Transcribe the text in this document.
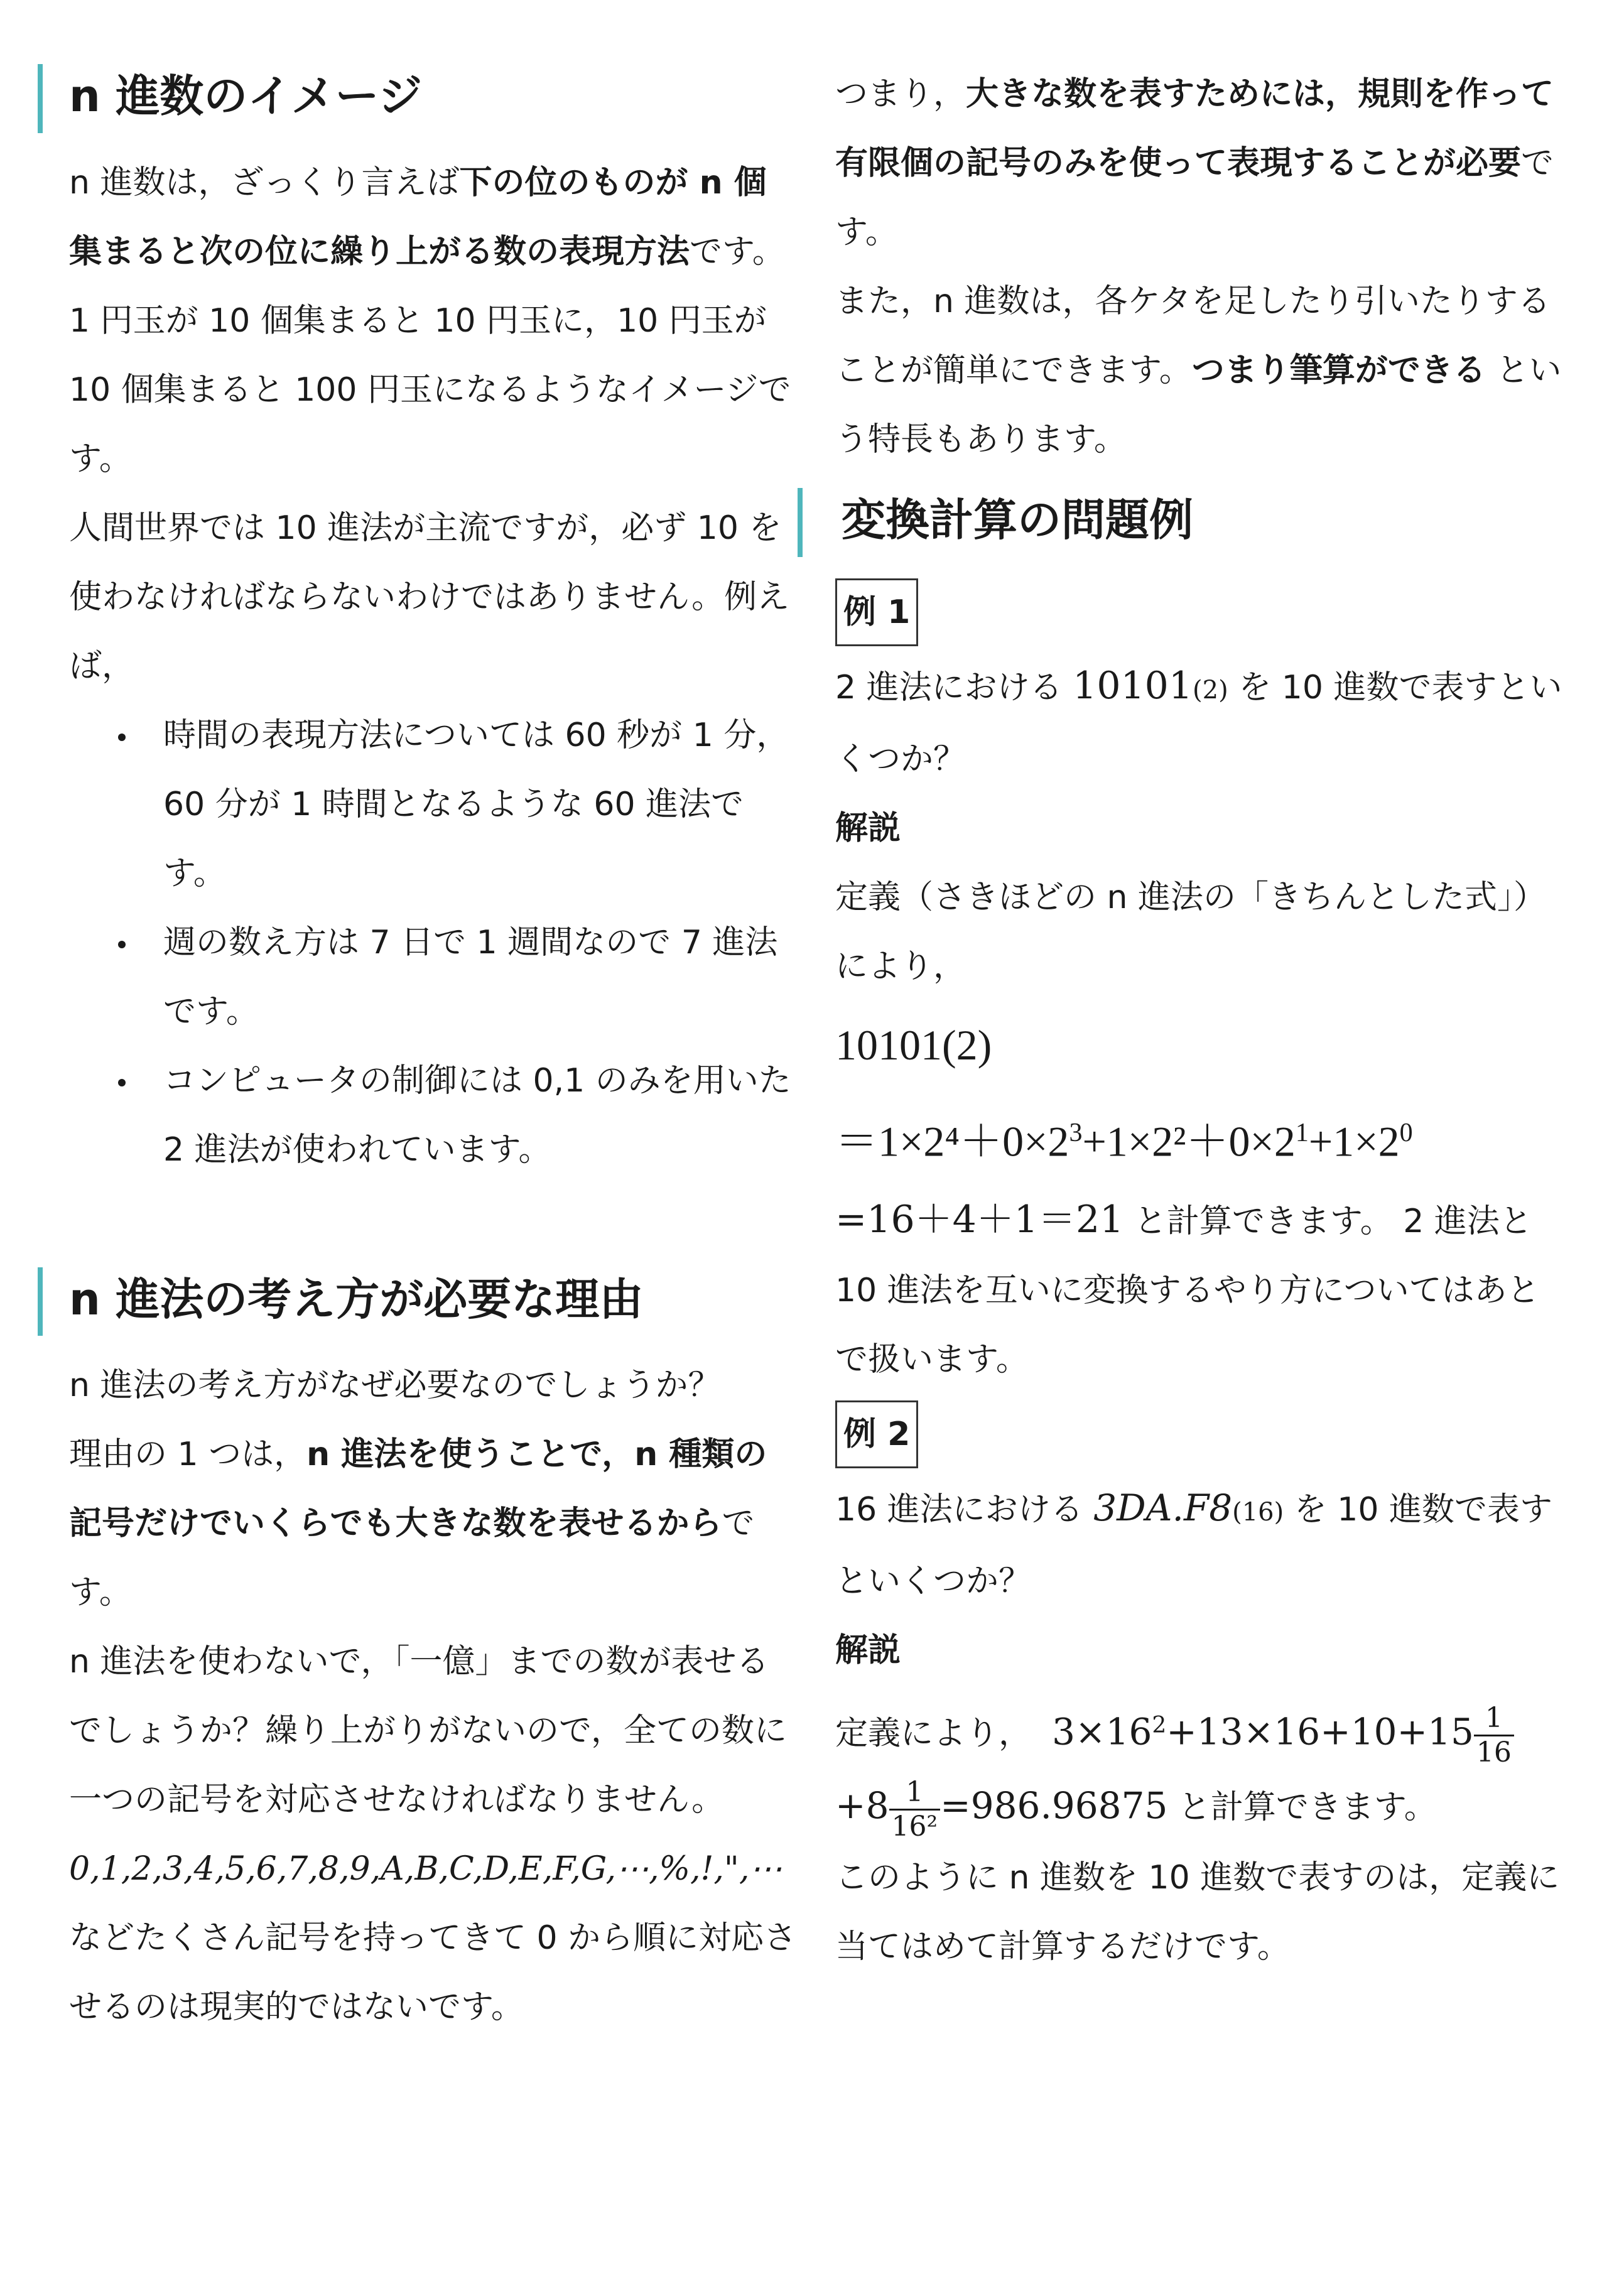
n 進数のイメージ

n 進数は，ざっくり言えば下の位のものが n 個集まると次の位に繰り上がる数の表現方法です。1 円玉が 10 個集まると 10 円玉に，10 円玉が 10 個集まると 100 円玉になるようなイメージです。

人間世界では 10 進法が主流ですが，必ず 10 を使わなければならないわけではありません。例えば，

時間の表現方法については 60 秒が 1 分，60 分が 1 時間となるような 60 進法です。
週の数え方は 7 日で 1 週間なので 7 進法です。
コンピュータの制御には 0,1 のみを用いた 2 進法が使われています。
n 進法の考え方が必要な理由

n 進法の考え方がなぜ必要なのでしょうか？

理由の 1 つは，n 進法を使うことで，n 種類の記号だけでいくらでも大きな数を表せるからです。

n 進法を使わないで，「一億」までの数が表せるでしょうか？繰り上がりがないので，全ての数に一つの記号を対応させなければなりません。0,1,2,3,4,5,6,7,8,9,A,B,C,D,E,F,G,⋯,%,!,",⋯ などたくさん記号を持ってきて 0 から順に対応させるのは現実的ではないです。

つまり，大きな数を表すためには，規則を作って有限個の記号のみを使って表現することが必要です。

また，n 進数は，各ケタを足したり引いたりすることが簡単にできます。つまり筆算ができる という特長もあります。

変換計算の問題例
例 1

2 進法における 10101(2) を 10 進数で表すといくつか？

解説

定義（さきほどの n 進法の「きちんとした式」）により，

10101(2)
$=1\times 2^4+0\times 2^3+1\times 2^2+0\times 2^1+1\times 2^0$

=16＋4＋1＝21 と計算できます。 2 進法と 10 進法を互いに変換するやり方についてはあとで扱います。

例 2

16 進法における 3DA.F8(16) を 10 進数で表すといくつか？

解説

定義により， $3\times 16^2+13\times 16+10+15 \frac{1}{16}$

$+8 \frac{1}{\text{16²}} =986.96875$ と計算できます。

このように n 進数を 10 進数で表すのは，定義に当てはめて計算するだけです。
